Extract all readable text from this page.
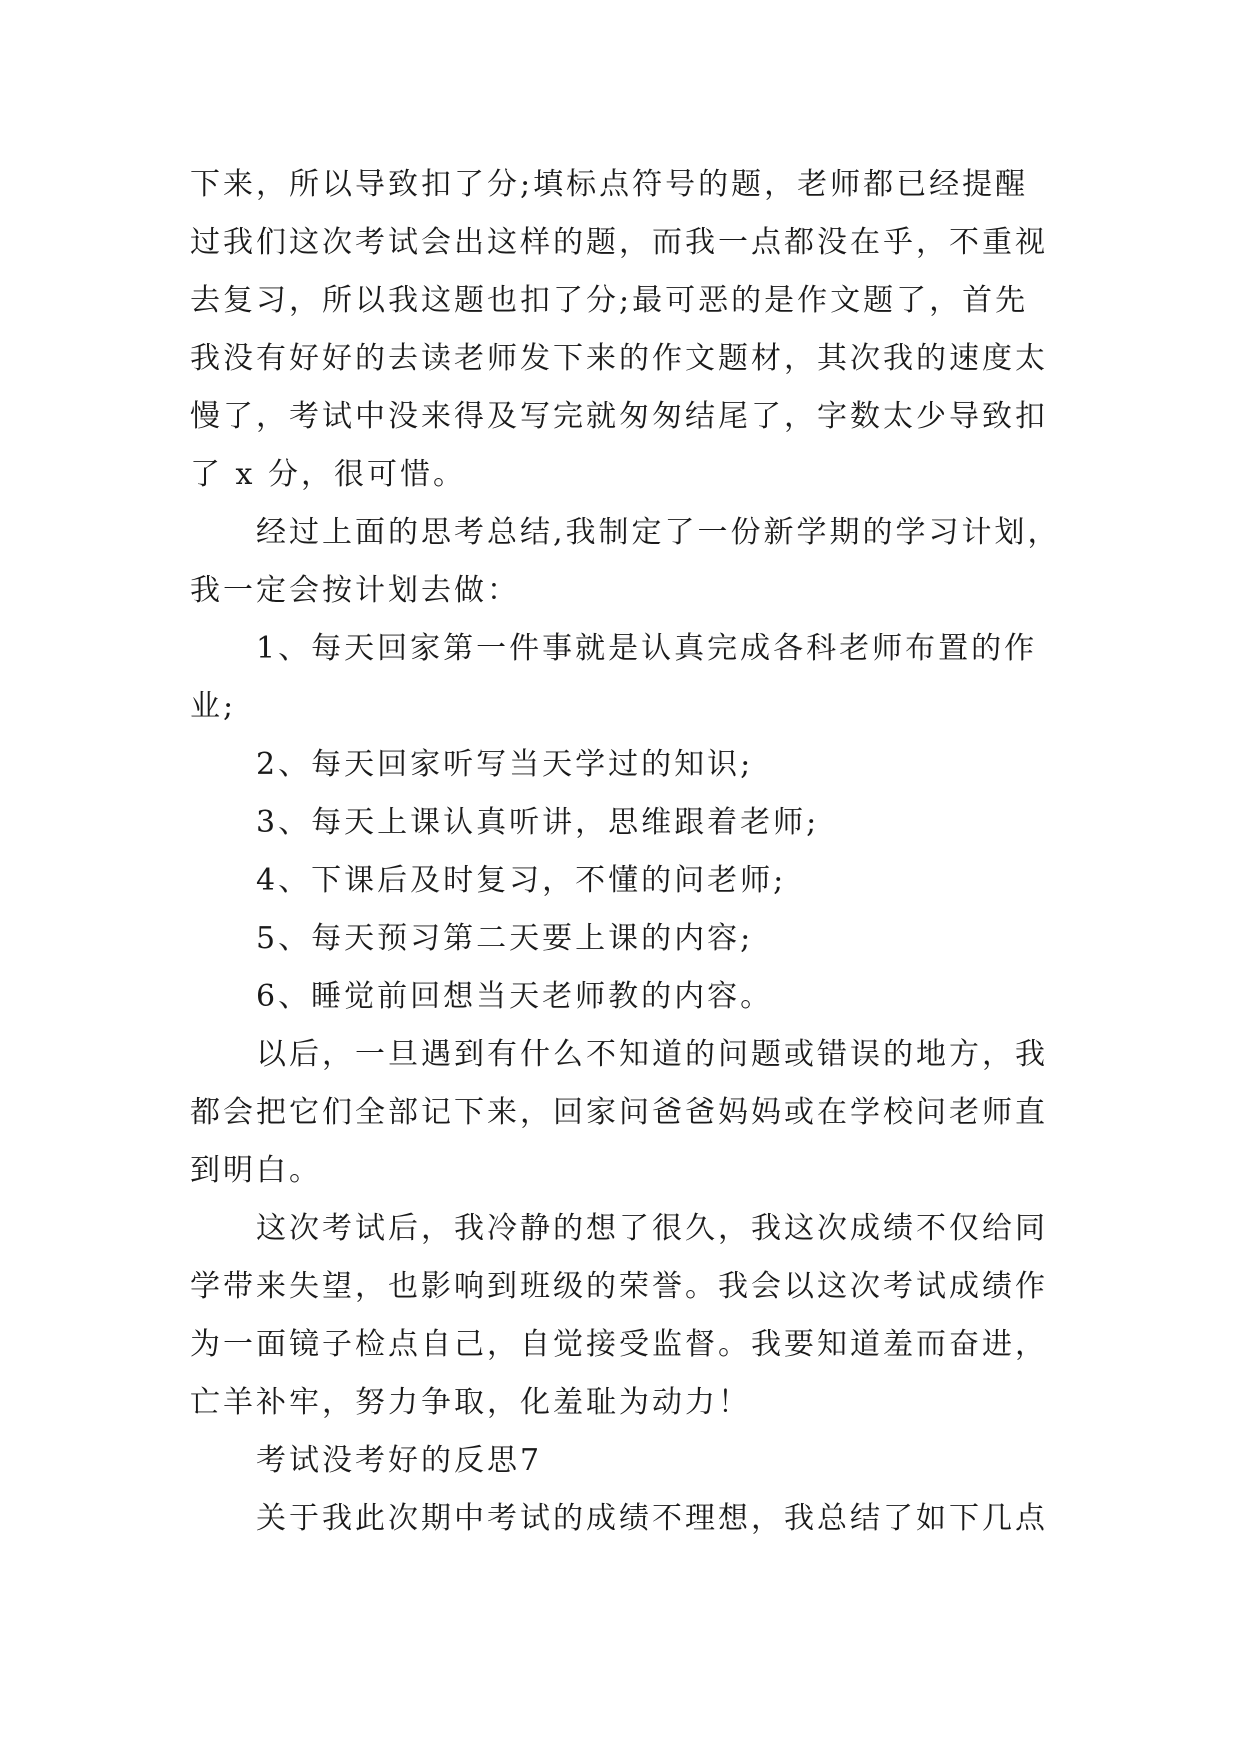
下来，所以导致扣了分;填标点符号的题，老师都已经提醒
过我们这次考试会出这样的题，而我一点都没在乎，不重视
去复习，所以我这题也扣了分;最可恶的是作文题了，首先
我没有好好的去读老师发下来的作文题材，其次我的速度太
慢了，考试中没来得及写完就匆匆结尾了，字数太少导致扣
了 x 分，很可惜。
经过上面的思考总结,我制定了一份新学期的学习计划，
我一定会按计划去做：
1、每天回家第一件事就是认真完成各科老师布置的作
业;
2、每天回家听写当天学过的知识;
3、每天上课认真听讲，思维跟着老师;
4、下课后及时复习，不懂的问老师;
5、每天预习第二天要上课的内容;
6、睡觉前回想当天老师教的内容。
以后，一旦遇到有什么不知道的问题或错误的地方，我
都会把它们全部记下来，回家问爸爸妈妈或在学校问老师直
到明白。
这次考试后，我冷静的想了很久，我这次成绩不仅给同
学带来失望，也影响到班级的荣誉。我会以这次考试成绩作
为一面镜子检点自己，自觉接受监督。我要知道羞而奋进，
亡羊补牢，努力争取，化羞耻为动力！
考试没考好的反思7
关于我此次期中考试的成绩不理想，我总结了如下几点
